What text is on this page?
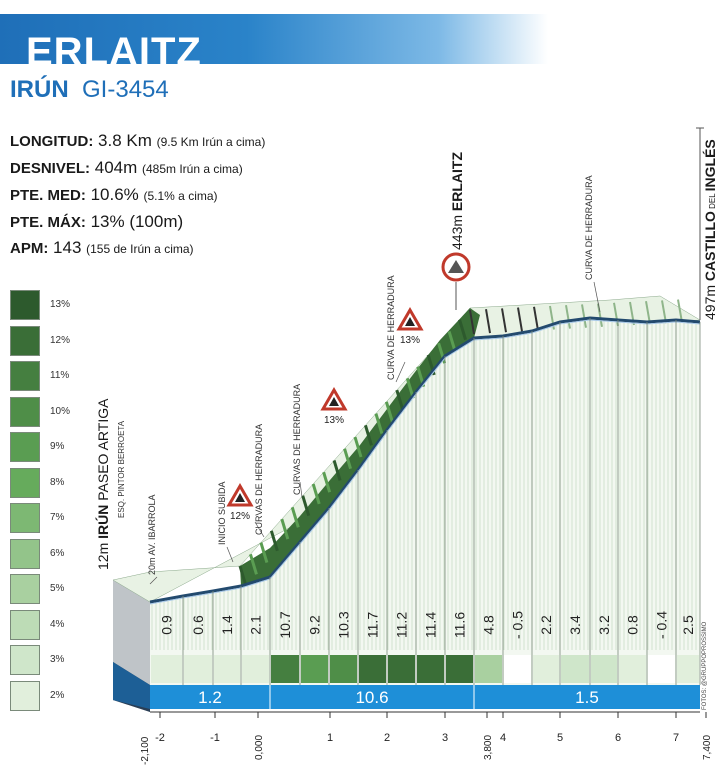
ERLAITZ
IRÚN GI-3454
LONGITUD: 3.8 Km (9.5 Km Irún a cima)
DESNIVEL: 404m (485m Irún a cima)
PTE. MED: 10.6% (5.1% a cima)
PTE. MÁX: 13% (100m)
APM: 143 (155 de Irún a cima)
13%
12%
11%
10%
9%
8%
7%
6%
5%
4%
3%
2%
0.9 0.6 1.4 2.1 10.7 9.2 10.3 11.7 11.2 11.4 11.6 4.8 - 0.5 2.2 3.4 3.2 0.8 - 0.4 2.5
1.2	10.6	1.5
-2	-1	0,000	1	2	3	3,800 4	5	6	7 7,400
-2,100
12m IRÚN PASEO ARTIGA ESQ. PINTOR BERROETA
497m CASTILLO DEL INGLÉS
443m ERLAITZ
20m AV. IBARROLA	INICIO SUBIDA	CURVAS DE HERRADURA	CURVAS DE HERRADURA
CURVA DE HERRADURA
CURVA DE HERRADURA
12%
13%
13%
FOTOS: @GRUPPOPROSSIMO
